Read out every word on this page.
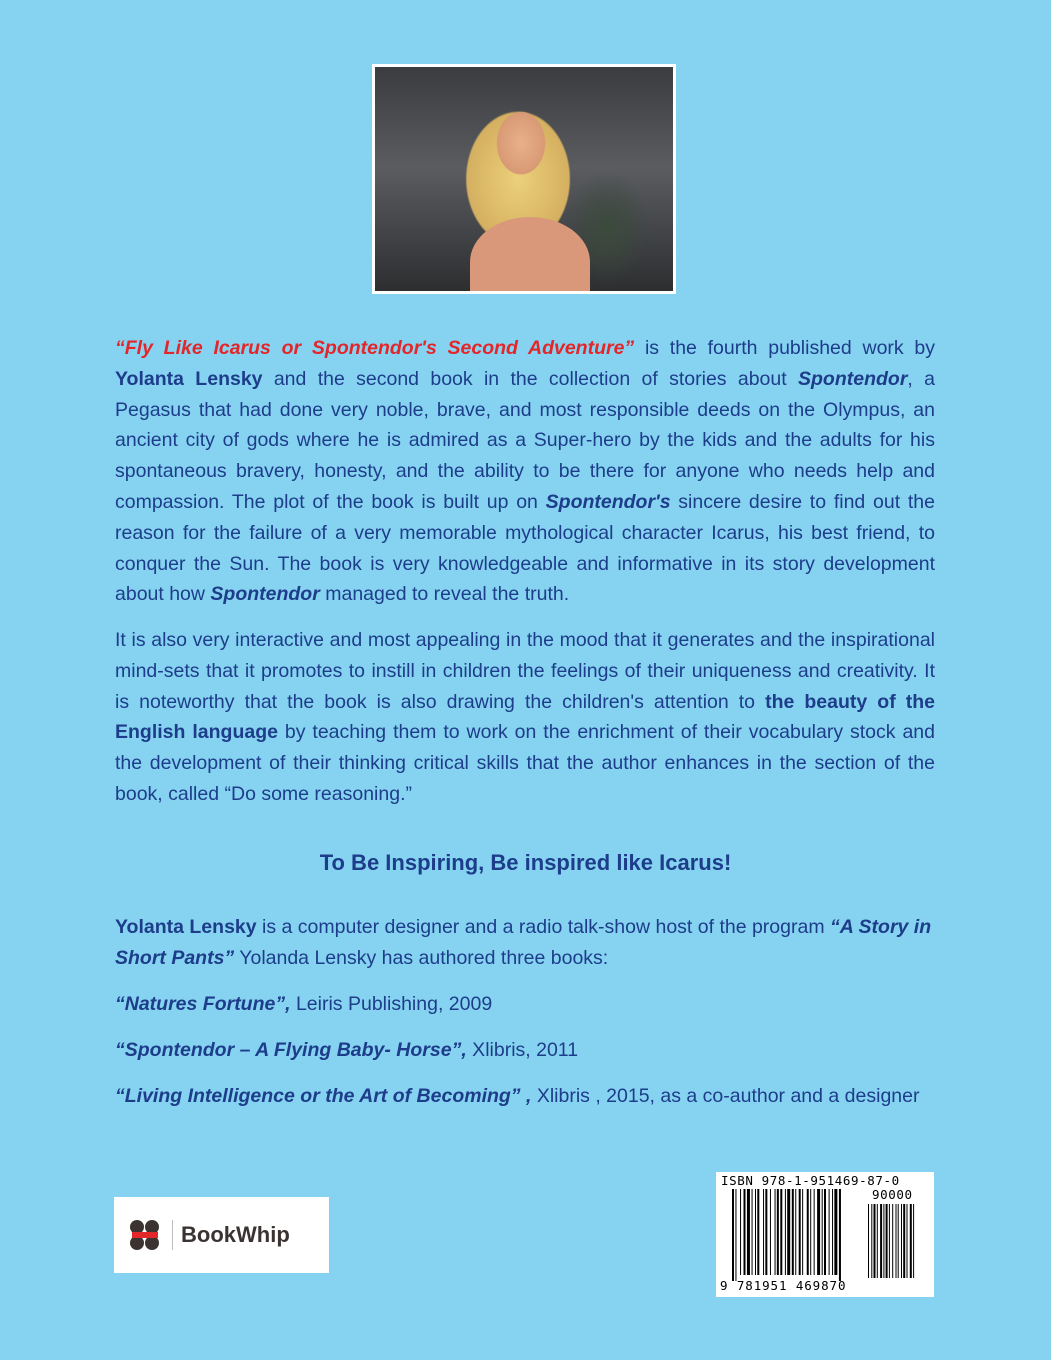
“Fly Like Icarus or Spontendor's Second Adventure” is the fourth published work by Yolanta Lensky and the second book in the collection of stories about Spontendor, a Pegasus that had done very noble, brave, and most responsible deeds on the Olympus, an ancient city of gods where he is admired as a Super-hero by the kids and the adults for his spontaneous bravery, honesty, and the ability to be there for anyone who needs help and compassion. The plot of the book is built up on Spontendor's sincere desire to find out the reason for the failure of a very memorable mythological character Icarus, his best friend, to conquer the Sun. The book is very knowledgeable and informative in its story development about how Spontendor managed to reveal the truth.

It is also very interactive and most appealing in the mood that it generates and the inspirational mind-sets that it promotes to instill in children the feelings of their uniqueness and creativity. It is noteworthy that the book is also drawing the children's attention to the beauty of the English language by teaching them to work on the enrichment of their vocabulary stock and the development of their thinking critical skills that the author enhances in the section of the book, called “Do some reasoning.”

To Be Inspiring, Be inspired like Icarus!

Yolanta Lensky is a computer designer and a radio talk-show host of the program “A Story in Short Pants” Yolanda Lensky has authored three books:

“Natures Fortune”, Leiris Publishing, 2009
“Spontendor – A Flying Baby- Horse”, Xlibris, 2011
“Living Intelligence or the Art of Becoming” , Xlibris , 2015, as a co-author and a designer
BookWhip
ISBN 978-1-951469-87-0
90000
9 781951 469870
